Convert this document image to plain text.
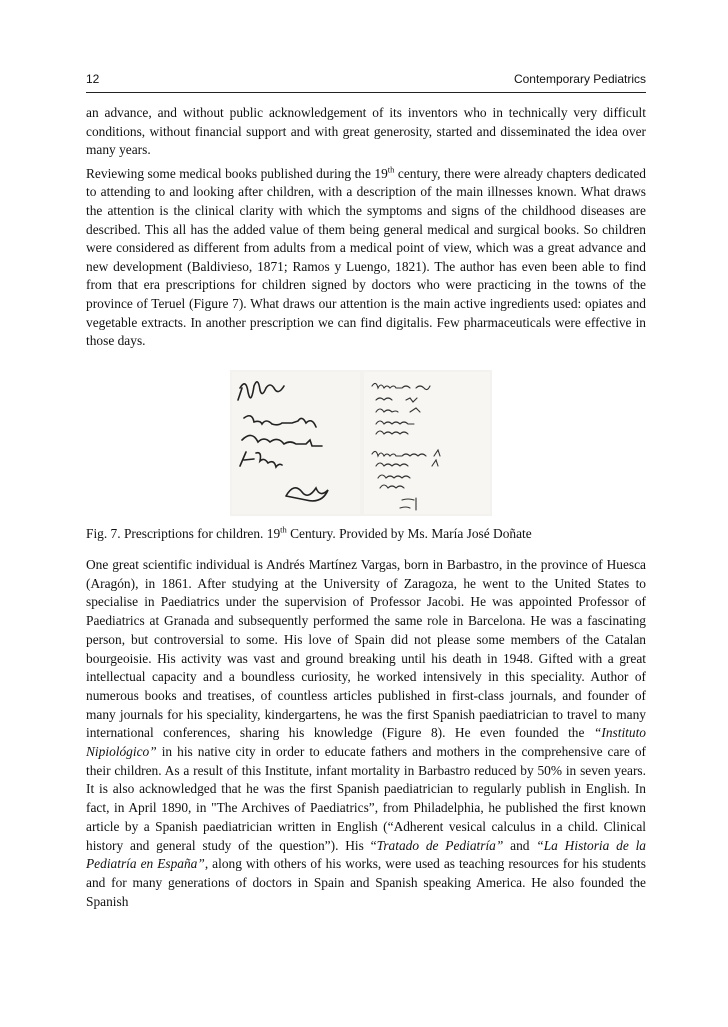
12	Contemporary Pediatrics

an advance, and without public acknowledgement of its inventors who in technically very difficult conditions, without financial support and with great generosity, started and disseminated the idea over many years.

Reviewing some medical books published during the 19th century, there were already chapters dedicated to attending to and looking after children, with a description of the main illnesses known. What draws the attention is the clinical clarity with which the symptoms and signs of the childhood diseases are described. This all has the added value of them being general medical and surgical books. So children were considered as different from adults from a medical point of view, which was a great advance and new development (Baldivieso, 1871; Ramos y Luengo, 1821). The author has even been able to find from that era prescriptions for children signed by doctors who were practicing in the towns of the province of Teruel (Figure 7). What draws our attention is the main active ingredients used: opiates and vegetable extracts. In another prescription we can find digitalis. Few pharmaceuticals were effective in those days.

Fig. 7. Prescriptions for children. 19th Century. Provided by Ms. María José Doñate

One great scientific individual is Andrés Martínez Vargas, born in Barbastro, in the province of Huesca (Aragón), in 1861. After studying at the University of Zaragoza, he went to the United States to specialise in Paediatrics under the supervision of Professor Jacobi. He was appointed Professor of Paediatrics at Granada and subsequently performed the same role in Barcelona. He was a fascinating person, but controversial to some. His love of Spain did not please some members of the Catalan bourgeoisie. His activity was vast and ground breaking until his death in 1948. Gifted with a great intellectual capacity and a boundless curiosity, he worked intensively in this speciality. Author of numerous books and treatises, of countless articles published in first-class journals, and founder of many journals for his speciality, kindergartens, he was the first Spanish paediatrician to travel to many international conferences, sharing his knowledge (Figure 8). He even founded the “Instituto Nipiológico” in his native city in order to educate fathers and mothers in the comprehensive care of their children. As a result of this Institute, infant mortality in Barbastro reduced by 50% in seven years. It is also acknowledged that he was the first Spanish paediatrician to regularly publish in English. In fact, in April 1890, in "The Archives of Paediatrics”, from Philadelphia, he published the first known article by a Spanish paediatrician written in English (“Adherent vesical calculus in a child. Clinical history and general study of the question”). His “Tratado de Pediatría” and “La Historia de la Pediatría en España”, along with others of his works, were used as teaching resources for his students and for many generations of doctors in Spain and Spanish speaking America. He also founded the Spanish
